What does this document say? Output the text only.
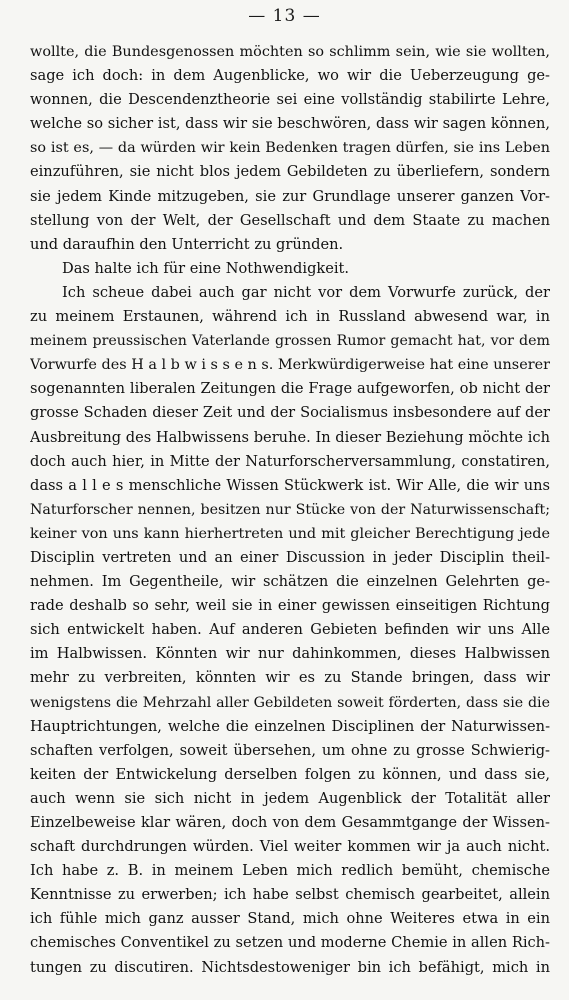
— 13 —
wollte, die Bundesgenossen möchten so schlimm sein, wie sie wollten,
sage ich doch: in dem Augenblicke, wo wir die Ueberzeugung ge-
wonnen, die Descendenztheorie sei eine vollständig stabilirte Lehre,
welche so sicher ist, dass wir sie beschwören, dass wir sagen können,
so ist es, — da würden wir kein Bedenken tragen dürfen, sie ins Leben
einzuführen, sie nicht blos jedem Gebildeten zu überliefern, sondern
sie jedem Kinde mitzugeben, sie zur Grundlage unserer ganzen Vor-
stellung von der Welt, der Gesellschaft und dem Staate zu machen
und daraufhin den Unterricht zu gründen.
Das halte ich für eine Nothwendigkeit.
Ich scheue dabei auch gar nicht vor dem Vorwurfe zurück, der
zu meinem Erstaunen, während ich in Russland abwesend war, in
meinem preussischen Vaterlande grossen Rumor gemacht hat, vor dem
Vorwurfe des H a l b w i s s e n s. Merkwürdigerweise hat eine unserer
sogenannten liberalen Zeitungen die Frage aufgeworfen, ob nicht der
grosse Schaden dieser Zeit und der Socialismus insbesondere auf der
Ausbreitung des Halbwissens beruhe. In dieser Beziehung möchte ich
doch auch hier, in Mitte der Naturforscherversammlung, constatiren,
dass a l l e s menschliche Wissen Stückwerk ist. Wir Alle, die wir uns
Naturforscher nennen, besitzen nur Stücke von der Naturwissenschaft;
keiner von uns kann hierhertreten und mit gleicher Berechtigung jede
Disciplin vertreten und an einer Discussion in jeder Disciplin theil-
nehmen. Im Gegentheile, wir schätzen die einzelnen Gelehrten ge-
rade deshalb so sehr, weil sie in einer gewissen einseitigen Richtung
sich entwickelt haben. Auf anderen Gebieten befinden wir uns Alle
im Halbwissen. Könnten wir nur dahinkommen, dieses Halbwissen
mehr zu verbreiten, könnten wir es zu Stande bringen, dass wir
wenigstens die Mehrzahl aller Gebildeten soweit förderten, dass sie die
Hauptrichtungen, welche die einzelnen Disciplinen der Naturwissen-
schaften verfolgen, soweit übersehen, um ohne zu grosse Schwierig-
keiten der Entwickelung derselben folgen zu können, und dass sie,
auch wenn sie sich nicht in jedem Augenblick der Totalität aller
Einzelbeweise klar wären, doch von dem Gesammtgange der Wissen-
schaft durchdrungen würden. Viel weiter kommen wir ja auch nicht.
Ich habe z. B. in meinem Leben mich redlich bemüht, chemische
Kenntnisse zu erwerben; ich habe selbst chemisch gearbeitet, allein
ich fühle mich ganz ausser Stand, mich ohne Weiteres etwa in ein
chemisches Conventikel zu setzen und moderne Chemie in allen Rich-
tungen zu discutiren. Nichtsdestoweniger bin ich befähigt, mich in
